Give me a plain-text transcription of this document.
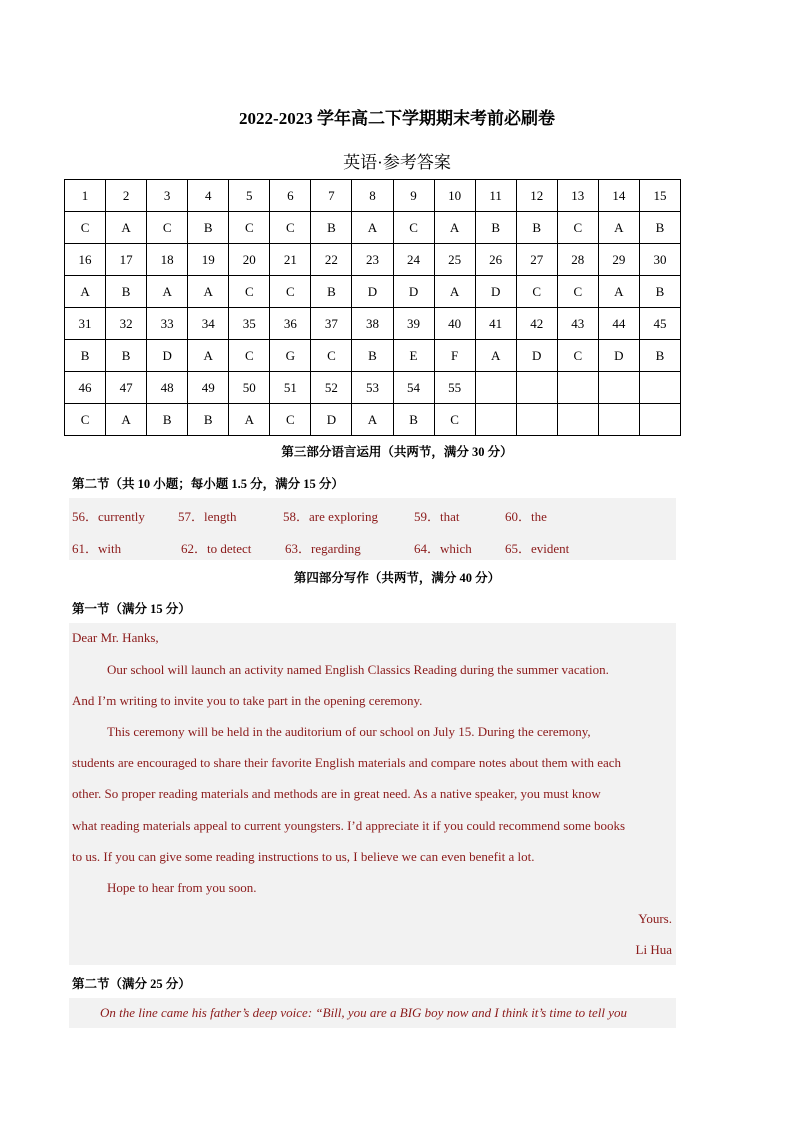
2022-2023 学年高二下学期期末考前必刷卷
英语·参考答案
1	2	3	4	5	6	7	8	9	10	11	12	13	14	15
C	A	C	B	C	C	B	A	C	A	B	B	C	A	B
16	17	18	19	20	21	22	23	24	25	26	27	28	29	30
A	B	A	A	C	C	B	D	D	A	D	C	C	A	B
31	32	33	34	35	36	37	38	39	40	41	42	43	44	45
B	B	D	A	C	G	C	B	E	F	A	D	C	D	B
46	47	48	49	50	51	52	53	54	55					
C	A	B	B	A	C	D	A	B	C					
第三部分语言运用（共两节，满分 30 分）
第二节（共 10 小题；每小题 1.5 分，满分 15 分）
56．currently	57．length	58．are exploring	59．that	60．the
61．with	62．to detect	63．regarding	64．which	65．evident
第四部分写作（共两节，满分 40 分）
第一节（满分 15 分）
Dear Mr. Hanks,
Our school will launch an activity named English Classics Reading during the summer vacation.
And I’m writing to invite you to take part in the opening ceremony.
This ceremony will be held in the auditorium of our school on July 15. During the ceremony,
students are encouraged to share their favorite English materials and compare notes about them with each
other. So proper reading materials and methods are in great need. As a native speaker, you must know
what reading materials appeal to current youngsters. I’d appreciate it if you could recommend some books
to us. If you can give some reading instructions to us, I believe we can even benefit a lot.
Hope to hear from you soon.
Yours.
Li Hua
第二节（满分 25 分）
On the line came his father’s deep voice: “Bill, you are a BIG boy now and I think it’s time to tell you
